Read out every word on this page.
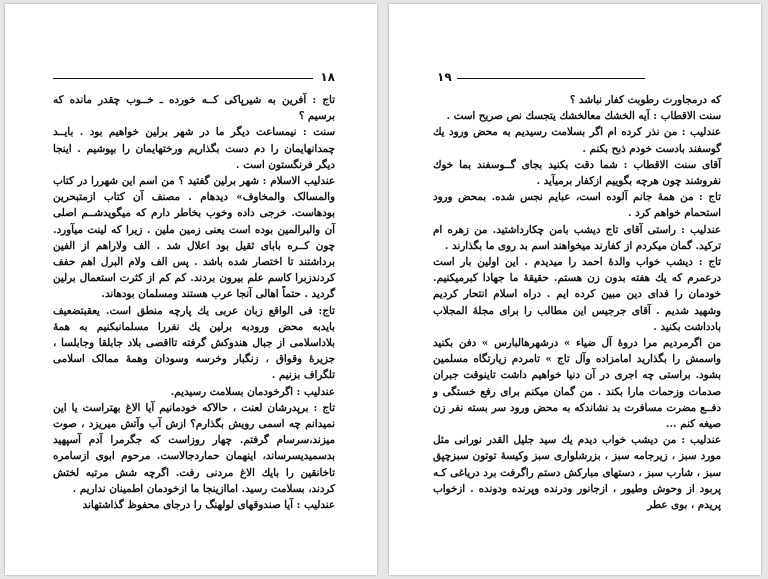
۱۸

تاج : آفرین به شیرپاکی کــه خورده ـ خــوب چقدر مانده که برسیم ؟

سنت : نیمساعت دیگر ما در شهر برلین خواهیم بود . بایــد چمدانهایمان را دم دست بگذاریم ورختهایمان را بپوشیم . اینجا دیگر فرنگستون است .

عندلیب الاسلام : شهر برلین گفتید ؟ من اسم این شهررا در کتاب والمسالک والمخاوف» دیدهام . مصنف آن کتاب ازمتبحرین بودهاست. خرجی داده وخوب بخاطر دارم که میگویدشــم اصلی آن والبرالمین بوده است یعنی زمین ملین . زیرا که لینت میآورد. چون کــره بابای ثقیل بود اعلال شد . الف ولاراهم از الفین برداشتند تا اختصار شده باشد . پس الف ولام البرل اهم حفف کردندزبرا کاسم علم بیرون بردند. کم کم از کثرت استعمال برلین گردید . حتماً اهالی آنجا عرب هستند ومسلمان بودهاند.

تاج: فی الواقع زبان عربی یك پارچه منطق است. یعقبتضعیف بایدبه محض ورودبه برلین یك نفررا مسلمانبکنیم به همهٔ بلاداسلامی از جبال هندوکش گرفته تااقصی بلاد جابلقا وجابلسا ، جزیرهٔ وقواق ، زنگبار وخرسه وسودان وهمهٔ ممالک اسلامی تلگراف بزنیم .

عندلیب : اگرخودمان بسلامت رسیدیم.

تاج : برپدرشان لعنت ، حالاکه خودمانیم آیا الاغ بهتراست یا این نمیدانم چه اسمی رویش بگذارم؟ ازش آب وآتش میریزد ، صوت میزند،سرسام گرفتم. چهار روزاست که جگرمرا آدم آسپهید بدسمیدیسرساند، اینهمان حماردجالاست. مرحوم ابوی ازسامره تاخانقین را بایك الاغ مردنی رفت. اگرچه شش مرتبه لختش کردند، بسلامت رسید. اماازینجا ما ازخودمان اطمینان نداریم .

عندلیب : آیا صندوقهای لولهنگ را درجای محفوظ گذاشتهاند

۱۹

که درمجاورت رطوبت کفار نباشد ؟

سنت الاقطاب : آیه الخشك معالخشك یتجسك نص صریح است .

عندلیب : من نذر کرده ام اگر بسلامت رسیدیم به محض ورود یك گوسفند بادست خودم ذبح بکنم .

آقای سنت الاقطاب : شما دقت بکنید بجای گــوسفند بما خوك نفروشند چون هرچه بگوییم ازکفار برمیآید .

تاج : من همهٔ جانم آلوده است، عبایم نجس شده. بمحض ورود استحمام خواهم کرد .

عندلیب : راستی آقای تاج دیشب بامن چکارداشتید. من زهره ام ترکید. گمان میکردم از کفارند میخواهند اسم بد روی ما بگذارند .

تاج : دیشب خواب والدهٔ احمد را میدیدم . این اولین بار است درعمرم که یك هفته بدون زن هستم. حقیقهٔ ما جهادا کبرمیکنیم. خودمان را فدای دین مبین کرده ایم . دراه اسلام انتحار کردیم وشهید شدیم . آقای جرجیس این مطالب را برای مجلهٔ المجلاب بادداشت بکنید .

من اگرمردیم مرا دروهٔ آل ضیاء » درشهرهالبارس » دفن بکنید واسمش را بگذارید امامزاده وآل تاج » تامردم زیارتگاه مسلمین بشود. براستی چه اجری در آن دنیا خواهیم داشت تاینوقت جبران صدمات وزحمات مارا بکند . من گمان میکنم برای رفع خستگی و دفــع مضرت مسافرت بد نشاندکه به محض ورود سر بسته نفر زن صیغه کنم ...

عندلیب : من دیشب خواب دیدم یك سید جلیل القدر نورانی مثل مورد سبز ، زیرجامه سبز ، بزرشلواری سبز وکیسهٔ توتون سبزچپق سبز ، شارب سبز ، دستهای مبارکش دستم راگرفت برد دریاغی کـه پربود از وحوش وطیور ، ازجانور ودرنده وپرنده ودونده . ازخواب پریدم ، بوی عطر
